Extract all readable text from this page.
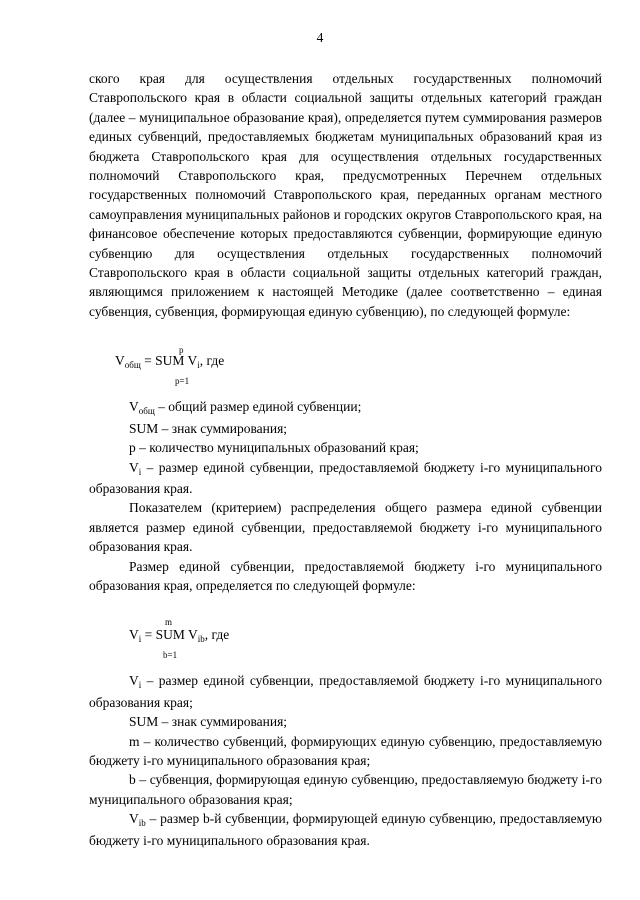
4

ского края для осуществления отдельных государственных полномочий Ставропольского края в области социальной защиты отдельных категорий граждан (далее – муниципальное образование края), определяется путем суммирования размеров единых субвенций, предоставляемых бюджетам муниципальных образований края из бюджета Ставропольского края для осуществления отдельных государственных полномочий Ставропольского края, предусмотренных Перечнем отдельных государственных полномочий Ставропольского края, переданных органам местного самоуправления муниципальных районов и городских округов Ставропольского края, на финансовое обеспечение которых предоставляются субвенции, формирующие единую субвенцию для осуществления отдельных государственных полномочий Ставропольского края в области социальной защиты отдельных категорий граждан, являющимся приложением к настоящей Методике (далее соответственно – единая субвенция, субвенция, формирующая единую субвенцию), по следующей формуле:

p
$V_{общ}$ = SUM $V_i$, где
p=1

$V_{общ}$ – общий размер единой субвенции;

SUM – знак суммирования;

p – количество муниципальных образований края;

$V_i$ – размер единой субвенции, предоставляемой бюджету i-го муниципального образования края.

Показателем (критерием) распределения общего размера единой субвенции является размер единой субвенции, предоставляемой бюджету i-го муниципального образования края.

Размер единой субвенции, предоставляемой бюджету i-го муниципального образования края, определяется по следующей формуле:

m
$V_i$ = SUM $V_{ib}$, где
b=1

$V_i$ – размер единой субвенции, предоставляемой бюджету i-го муниципального образования края;

SUM – знак суммирования;

m – количество субвенций, формирующих единую субвенцию, предоставляемую бюджету i-го муниципального образования края;

b – субвенция, формирующая единую субвенцию, предоставляемую бюджету i-го муниципального образования края;

$V_{ib}$ – размер b-й субвенции, формирующей единую субвенцию, предоставляемую бюджету i-го муниципального образования края.
